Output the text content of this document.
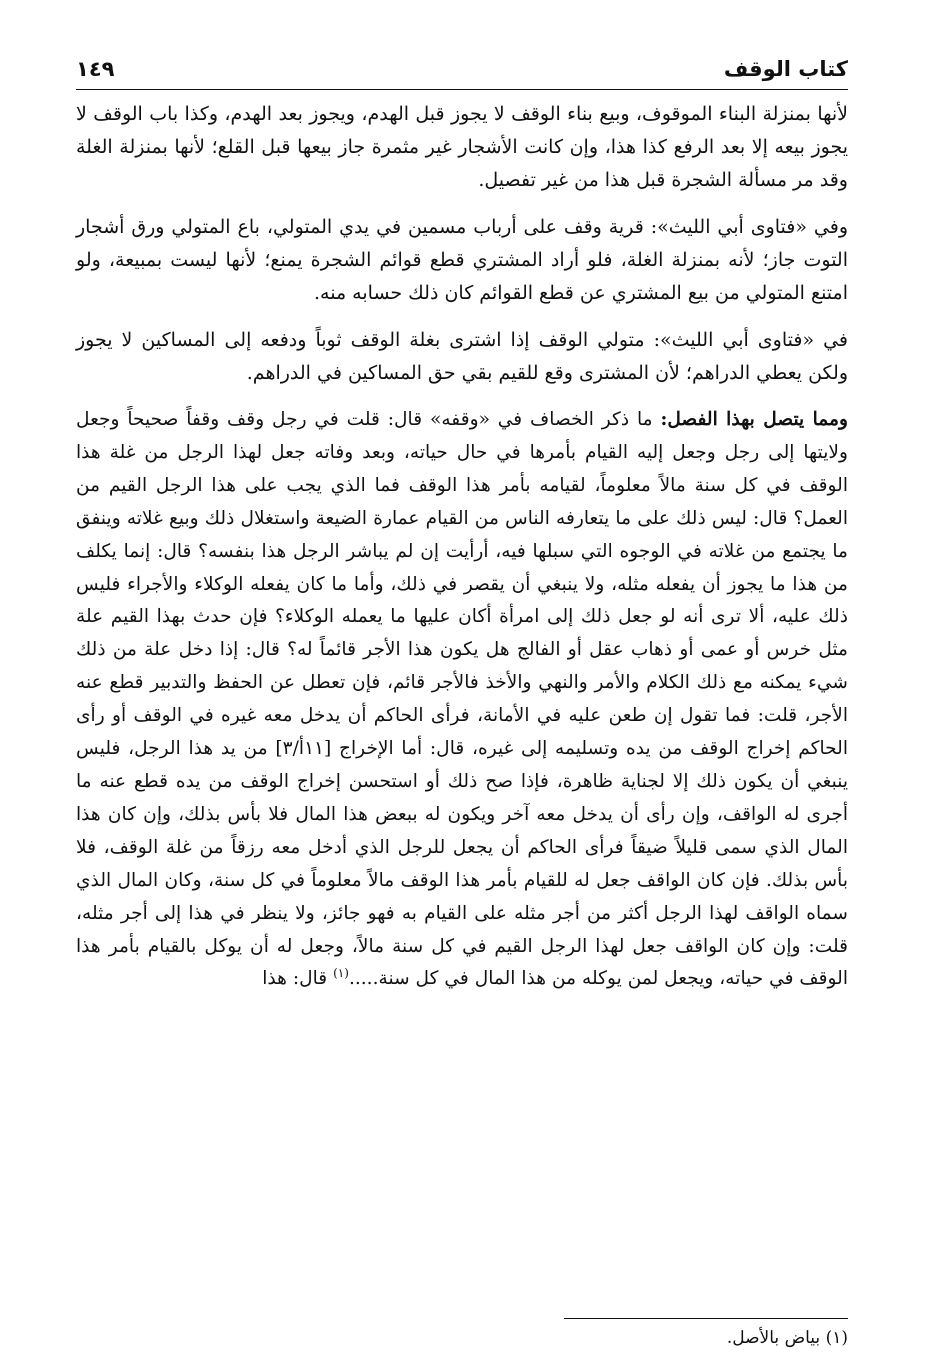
كتاب الوقف
١٤٩

لأنها بمنزلة البناء الموقوف، وبيع بناء الوقف لا يجوز قبل الهدم، ويجوز بعد الهدم، وكذا باب الوقف لا يجوز بيعه إلا بعد الرفع كذا هذا، وإن كانت الأشجار غير مثمرة جاز بيعها قبل القلع؛ لأنها بمنزلة الغلة وقد مر مسألة الشجرة قبل هذا من غير تفصيل.

وفي «فتاوى أبي الليث»: قرية وقف على أرباب مسمين في يدي المتولي، باع المتولي ورق أشجار التوت جاز؛ لأنه بمنزلة الغلة، فلو أراد المشتري قطع قوائم الشجرة يمنع؛ لأنها ليست بمبيعة، ولو امتنع المتولي من بيع المشتري عن قطع القوائم كان ذلك حسابه منه.

في «فتاوى أبي الليث»: متولي الوقف إذا اشترى بغلة الوقف ثوباً ودفعه إلى المساكين لا يجوز ولكن يعطي الدراهم؛ لأن المشترى وقع للقيم بقي حق المساكين في الدراهم.

ومما يتصل بهذا الفصل: ما ذكر الخصاف في «وقفه» قال: قلت في رجل وقف وقفاً صحيحاً وجعل ولايتها إلى رجل وجعل إليه القيام بأمرها في حال حياته، وبعد وفاته جعل لهذا الرجل من غلة هذا الوقف في كل سنة مالاً معلوماً، لقيامه بأمر هذا الوقف فما الذي يجب على هذا الرجل القيم من العمل؟ قال: ليس ذلك على ما يتعارفه الناس من القيام عمارة الضيعة واستغلال ذلك وبيع غلاته وينفق ما يجتمع من غلاته في الوجوه التي سبلها فيه، أرأيت إن لم يباشر الرجل هذا بنفسه؟ قال: إنما يكلف من هذا ما يجوز أن يفعله مثله، ولا ينبغي أن يقصر في ذلك، وأما ما كان يفعله الوكلاء والأجراء فليس ذلك عليه، ألا ترى أنه لو جعل ذلك إلى امرأة أكان عليها ما يعمله الوكلاء؟ فإن حدث بهذا القيم علة مثل خرس أو عمى أو ذهاب عقل أو الفالج هل يكون هذا الأجر قائماً له؟ قال: إذا دخل علة من ذلك شيء يمكنه مع ذلك الكلام والأمر والنهي والأخذ فالأجر قائم، فإن تعطل عن الحفظ والتدبير قطع عنه الأجر، قلت: فما تقول إن طعن عليه في الأمانة، فرأى الحاكم أن يدخل معه غيره في الوقف أو رأى الحاكم إخراج الوقف من يده وتسليمه إلى غيره، قال: أما الإخراج [١١أ/٣] من يد هذا الرجل، فليس ينبغي أن يكون ذلك إلا لجناية ظاهرة، فإذا صح ذلك أو استحسن إخراج الوقف من يده قطع عنه ما أجرى له الواقف، وإن رأى أن يدخل معه آخر ويكون له ببعض هذا المال فلا بأس بذلك، وإن كان هذا المال الذي سمى قليلاً ضيقاً فرأى الحاكم أن يجعل للرجل الذي أدخل معه رزقاً من غلة الوقف، فلا بأس بذلك. فإن كان الواقف جعل له للقيام بأمر هذا الوقف مالاً معلوماً في كل سنة، وكان المال الذي سماه الواقف لهذا الرجل أكثر من أجر مثله على القيام به فهو جائز، ولا ينظر في هذا إلى أجر مثله، قلت: وإن كان الواقف جعل لهذا الرجل القيم في كل سنة مالاً، وجعل له أن يوكل بالقيام بأمر هذا الوقف في حياته، ويجعل لمن يوكله من هذا المال في كل سنة.....$^{(١)}$ قال: هذا

(١) بياض بالأصل.
